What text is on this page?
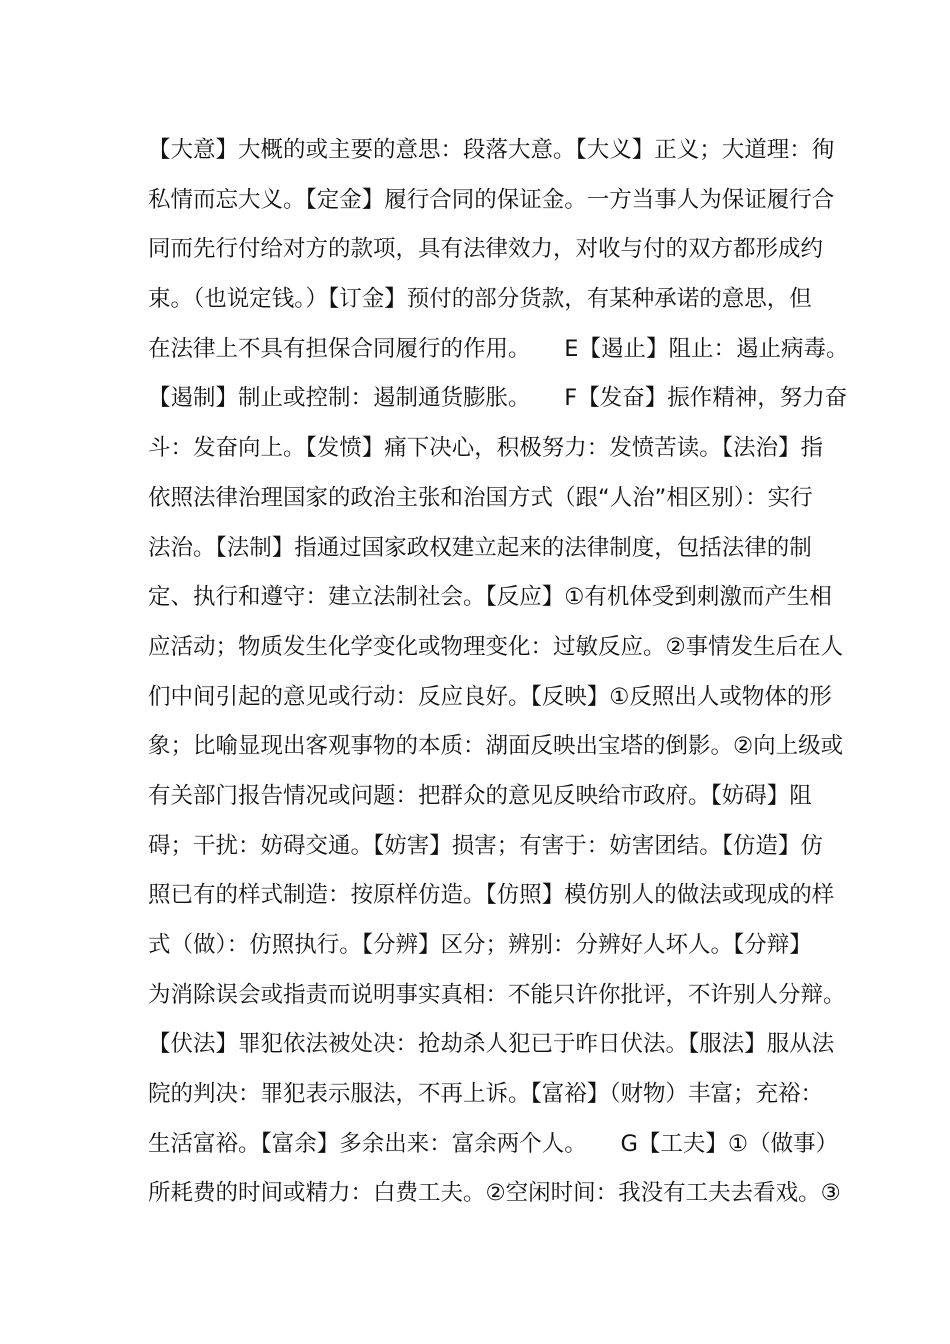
【大意】大概的或主要的意思：段落大意。【大义】正义；大道理：徇
私情而忘大义。【定金】履行合同的保证金。一方当事人为保证履行合
同而先行付给对方的款项，具有法律效力，对收与付的双方都形成约
束。（也说定钱。）【订金】预付的部分货款，有某种承诺的意思，但
在法律上不具有担保合同履行的作用。　　E【遏止】阻止：遏止病毒。
【遏制】制止或控制：遏制通货膨胀。　　F【发奋】振作精神，努力奋
斗：发奋向上。【发愤】痛下决心，积极努力：发愤苦读。【法治】指
依照法律治理国家的政治主张和治国方式（跟“人治”相区别）：实行
法治。【法制】指通过国家政权建立起来的法律制度，包括法律的制
定、执行和遵守：建立法制社会。【反应】①有机体受到刺激而产生相
应活动；物质发生化学变化或物理变化：过敏反应。②事情发生后在人
们中间引起的意见或行动：反应良好。【反映】①反照出人或物体的形
象；比喻显现出客观事物的本质：湖面反映出宝塔的倒影。②向上级或
有关部门报告情况或问题：把群众的意见反映给市政府。【妨碍】阻
碍；干扰：妨碍交通。【妨害】损害；有害于：妨害团结。【仿造】仿
照已有的样式制造：按原样仿造。【仿照】模仿别人的做法或现成的样
式（做）：仿照执行。【分辨】区分；辨别：分辨好人坏人。【分辩】
为消除误会或指责而说明事实真相：不能只许你批评，不许别人分辩。
【伏法】罪犯依法被处决：抢劫杀人犯已于昨日伏法。【服法】服从法
院的判决：罪犯表示服法，不再上诉。【富裕】（财物）丰富；充裕：
生活富裕。【富余】多余出来：富余两个人。　　G【工夫】①（做事）
所耗费的时间或精力：白费工夫。②空闲时间：我没有工夫去看戏。③
